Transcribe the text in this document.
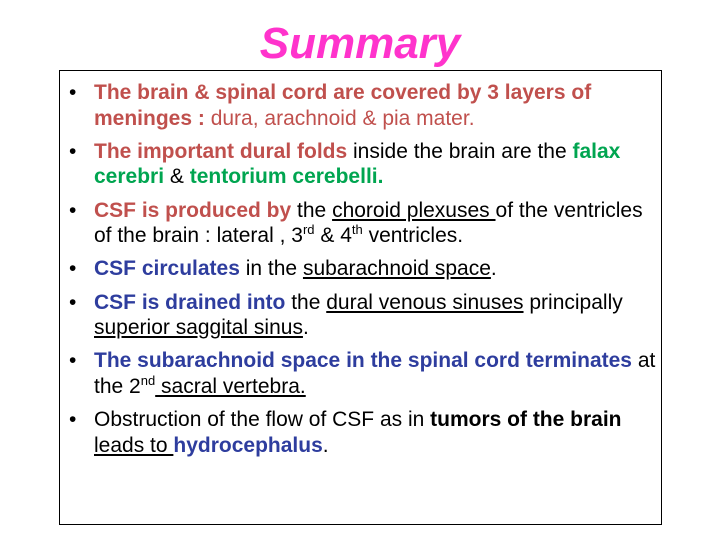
Summary
• The brain & spinal cord are covered by 3 layers of meninges : dura, arachnoid & pia mater.
• The important dural folds inside the brain are the falax cerebri & tentorium cerebelli.
• CSF is produced by the choroid plexuses of the ventricles of the brain : lateral , 3rd & 4th ventricles.
• CSF circulates in the subarachnoid space.
• CSF is drained into the dural venous sinuses principally superior saggital sinus.
• The subarachnoid space in the spinal cord terminates at the 2nd sacral vertebra.
• Obstruction of the flow of CSF as in tumors of the brain leads to hydrocephalus.
